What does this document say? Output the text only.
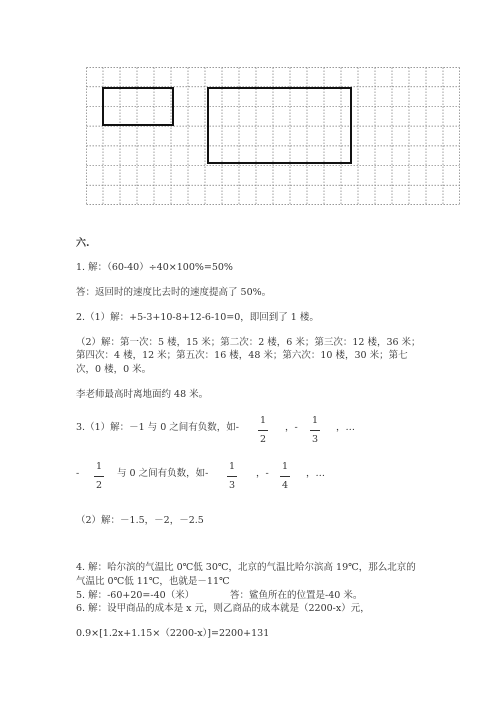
六.
1. 解：（60-40）÷40×100%=50%
答：返回时的速度比去时的速度提高了 50%。
2.（1）解：+5-3+10-8+12-6-10=0，即回到了 1 楼。
（2）解：第一次：5 楼，15 米；第二次：2 楼，6 米；第三次：12 楼，36 米；
第四次：4 楼，12 米；第五次：16 楼，48 米；第六次：10 楼，30 米；第七
次，0 楼，0 米。
李老师最高时离地面约 48 米。
3.（1）解：－1 与 0 之间有负数，如-
1
2
，-
1
3
，…
-
1
2
与 0 之间有负数，如-
1
3
，-
1
4
，…
（2）解：－1.5，－2，－2.5
4. 解：哈尔滨的气温比 0℃低 30℃，北京的气温比哈尔滨高 19℃，那么北京的
气温比 0℃低 11℃，也就是－11℃
5. 解：-60+20=-40（米）	答：鲨鱼所在的位置是-40 米。
6. 解：设甲商品的成本是 x 元，则乙商品的成本就是（2200-x）元，
0.9×[1.2x+1.15×（2200-x）]=2200+131
